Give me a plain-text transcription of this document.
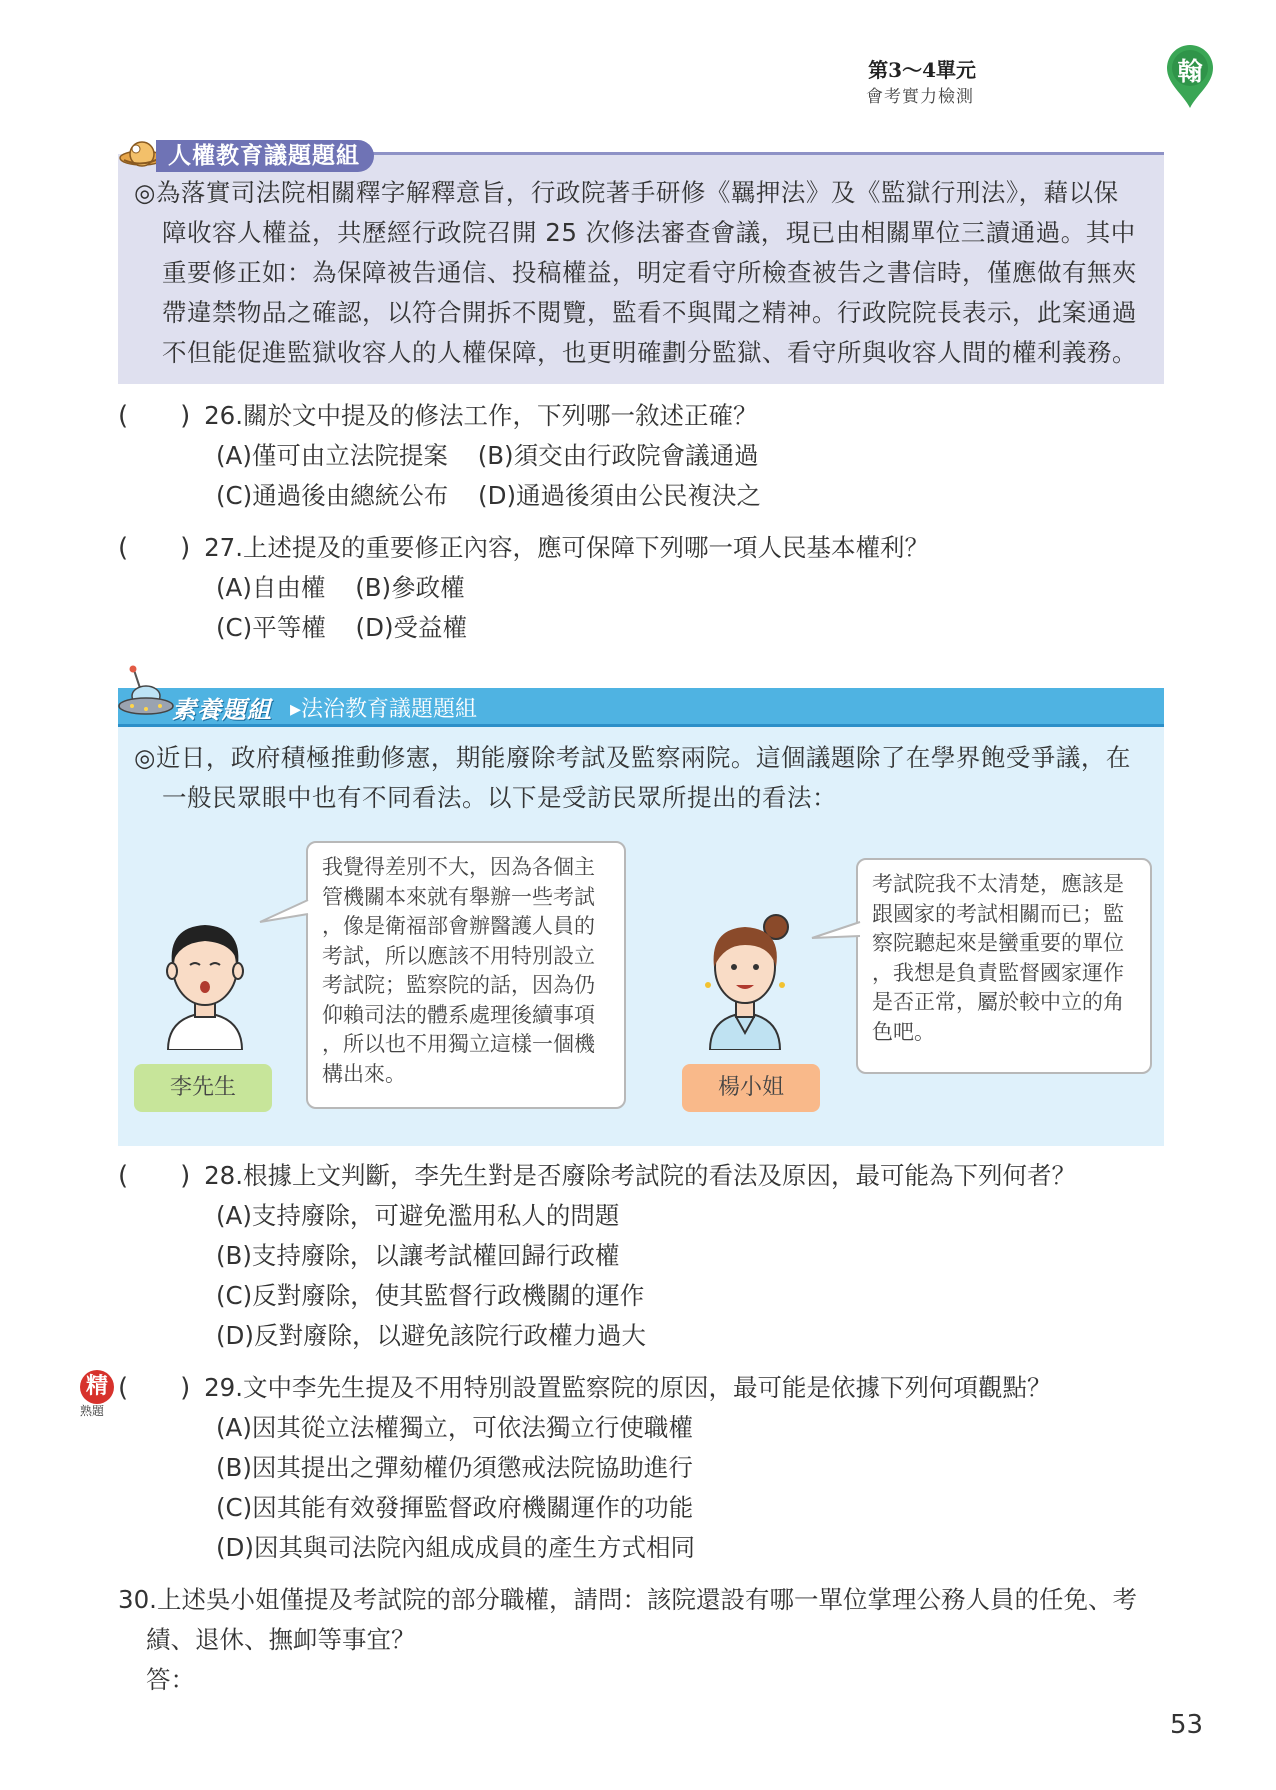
第3～4單元
會考實力檢測
翰
人權教育議題題組
◎為落實司法院相關釋字解釋意旨，行政院著手研修《羈押法》及《監獄行刑法》，藉以保
障收容人權益，共歷經行政院召開 25 次修法審查會議，現已由相關單位三讀通過。其中
重要修正如：為保障被告通信、投稿權益，明定看守所檢查被告之書信時，僅應做有無夾
帶違禁物品之確認，以符合開拆不閱覽，監看不與聞之精神。行政院院長表示，此案通過
不但能促進監獄收容人的人權保障，也更明確劃分監獄、看守所與收容人間的權利義務。
(　　) 26.關於文中提及的修法工作，下列哪一敘述正確？
(A)僅可由立法院提案 (B)須交由行政院會議通過
(C)通過後由總統公布 (D)通過後須由公民複決之
(　　) 27.上述提及的重要修正內容，應可保障下列哪一項人民基本權利？
(A)自由權 (B)參政權
(C)平等權 (D)受益權
素養題組 ▸法治教育議題題組
◎近日，政府積極推動修憲，期能廢除考試及監察兩院。這個議題除了在學界飽受爭議，在
一般民眾眼中也有不同看法。以下是受訪民眾所提出的看法：
李先生
我覺得差別不大，因為各個主
管機關本來就有舉辦一些考試
，像是衛福部會辦醫護人員的
考試，所以應該不用特別設立
考試院；監察院的話，因為仍
仰賴司法的體系處理後續事項
，所以也不用獨立這樣一個機
構出來。
楊小姐
考試院我不太清楚，應該是
跟國家的考試相關而已；監
察院聽起來是蠻重要的單位
，我想是負責監督國家運作
是否正常，屬於較中立的角
色吧。
(　　) 28.根據上文判斷，李先生對是否廢除考試院的看法及原因，最可能為下列何者？
(A)支持廢除，可避免濫用私人的問題
(B)支持廢除，以讓考試權回歸行政權
(C)反對廢除，使其監督行政機關的運作
(D)反對廢除，以避免該院行政權力過大
精
熟題
(　　) 29.文中李先生提及不用特別設置監察院的原因，最可能是依據下列何項觀點？
(A)因其從立法權獨立，可依法獨立行使職權
(B)因其提出之彈劾權仍須懲戒法院協助進行
(C)因其能有效發揮監督政府機關運作的功能
(D)因其與司法院內組成成員的產生方式相同
30.上述吳小姐僅提及考試院的部分職權，請問：該院還設有哪一單位掌理公務人員的任免、考
績、退休、撫卹等事宜？
答：
53
